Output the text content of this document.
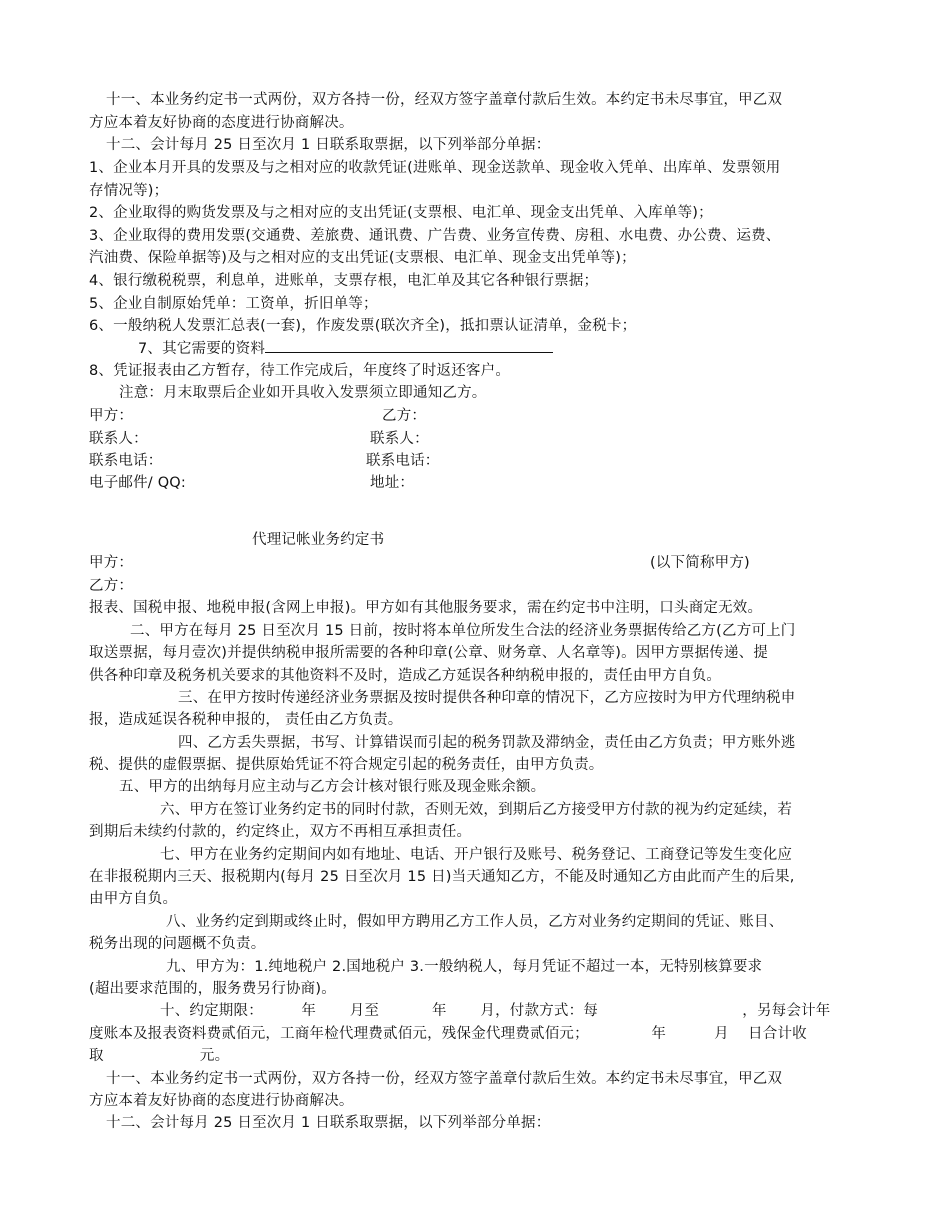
十一、本业务约定书一式两份，双方各持一份，经双方签字盖章付款后生效。本约定书未尽事宜，甲乙双
方应本着友好协商的态度进行协商解决。
十二、会计每月 25 日至次月 1 日联系取票据，以下列举部分单据：
1、企业本月开具的发票及与之相对应的收款凭证(进账单、现金送款单、现金收入凭单、出库单、发票领用
存情况等)；
2、企业取得的购货发票及与之相对应的支出凭证(支票根、电汇单、现金支出凭单、入库单等)；
3、企业取得的费用发票(交通费、差旅费、通讯费、广告费、业务宣传费、房租、水电费、办公费、运费、
汽油费、保险单据等)及与之相对应的支出凭证(支票根、电汇单、现金支出凭单等)；
4、银行缴税税票，利息单，进账单，支票存根，电汇单及其它各种银行票据；
5、企业自制原始凭单：工资单，折旧单等；
6、一般纳税人发票汇总表(一套)，作废发票(联次齐全)，抵扣票认证清单，金税卡；
7、其它需要的资料
8、凭证报表由乙方暂存，待工作完成后，年度终了时返还客户。
注意：月末取票后企业如开具收入发票须立即通知乙方。
甲方：	乙方：
联系人：	联系人：
联系电话：	联系电话：
电子邮件/ QQ:	地址：
代理记帐业务约定书
甲方：	(以下简称甲方)
乙方：
报表、国税申报、地税申报(含网上申报)。甲方如有其他服务要求，需在约定书中注明，口头商定无效。
二、甲方在每月 25 日至次月 15 日前，按时将本单位所发生合法的经济业务票据传给乙方(乙方可上门
取送票据，每月壹次)并提供纳税申报所需要的各种印章(公章、财务章、人名章等)。因甲方票据传递、提
供各种印章及税务机关要求的其他资料不及时，造成乙方延误各种纳税申报的，责任由甲方自负。
三、在甲方按时传递经济业务票据及按时提供各种印章的情况下，乙方应按时为甲方代理纳税申
报，造成延误各税种申报的， 责任由乙方负责。
四、乙方丢失票据，书写、计算错误而引起的税务罚款及滞纳金，责任由乙方负责；甲方账外逃
税、提供的虚假票据、提供原始凭证不符合规定引起的税务责任，由甲方负责。
五、甲方的出纳每月应主动与乙方会计核对银行账及现金账余额。
六、甲方在签订业务约定书的同时付款，否则无效，到期后乙方接受甲方付款的视为约定延续，若
到期后未续约付款的，约定终止，双方不再相互承担责任。
七、甲方在业务约定期间内如有地址、电话、开户银行及账号、税务登记、工商登记等发生变化应
在非报税期内三天、报税期内(每月 25 日至次月 15 日)当天通知乙方，不能及时通知乙方由此而产生的后果,
由甲方自负。
八、业务约定到期或终止时，假如甲方聘用乙方工作人员，乙方对业务约定期间的凭证、账目、
税务出现的问题概不负责。
九、甲方为：1.纯地税户 2.国地税户 3.一般纳税人，每月凭证不超过一本，无特别核算要求
(超出要求范围的，服务费另行协商)。
十、约定期限：        年       月至           年       月，付款方式：每                              ，另每会计年
度账本及报表资料费贰佰元，工商年检代理费贰佰元，残保金代理费贰佰元；             年          月    日合计收
取                    元。
十一、本业务约定书一式两份，双方各持一份，经双方签字盖章付款后生效。本约定书未尽事宜，甲乙双
方应本着友好协商的态度进行协商解决。
十二、会计每月 25 日至次月 1 日联系取票据，以下列举部分单据：
